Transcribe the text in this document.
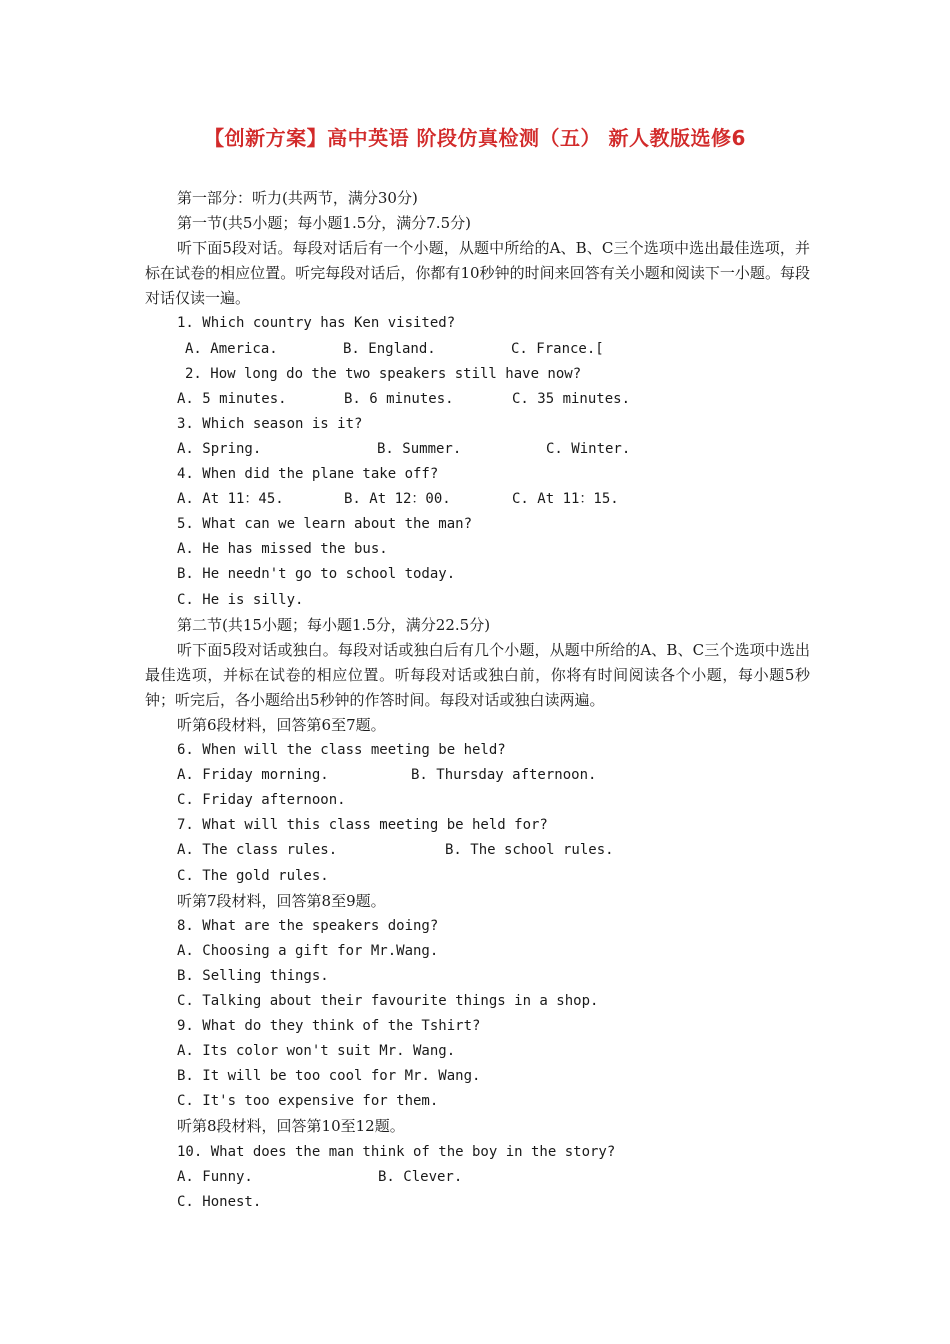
【创新方案】高中英语 阶段仿真检测（五） 新人教版选修6
第一部分：听力(共两节，满分30分)
第一节(共5小题；每小题1.5分，满分7.5分)
听下面5段对话。每段对话后有一个小题，从题中所给的A、B、C三个选项中选出最佳选项，并标在试卷的相应位置。听完每段对话后，你都有10秒钟的时间来回答有关小题和阅读下一小题。每段对话仅读一遍。
1. Which country has Ken visited?
A. America.	B. England.	C. France.[
2. How long do the two speakers still have now?
A. 5 minutes.	B. 6 minutes.	C. 35 minutes.
3. Which season is it?
A. Spring.	B. Summer.	C. Winter.
4. When did the plane take off?
A. At 11：45.	B. At 12：00.	C. At 11：15.
5. What can we learn about the man?
A. He has missed the bus.
B. He needn't go to school today.
C. He is silly.
第二节(共15小题；每小题1.5分，满分22.5分)
听下面5段对话或独白。每段对话或独白后有几个小题，从题中所给的A、B、C三个选项中选出最佳选项，并标在试卷的相应位置。听每段对话或独白前，你将有时间阅读各个小题，每小题5秒钟；听完后，各小题给出5秒钟的作答时间。每段对话或独白读两遍。
听第6段材料，回答第6至7题。
6. When will the class meeting be held?
A. Friday morning.	B. Thursday afternoon.
C. Friday afternoon.
7. What will this class meeting be held for?
A. The class rules.	B. The school rules.
C. The gold rules.
听第7段材料，回答第8至9题。
8. What are the speakers doing?
A. Choosing a gift for Mr.Wang.
B. Selling things.
C. Talking about their favourite things in a shop.
9. What do they think of the Tshirt?
A. Its color won't suit Mr. Wang.
B. It will be too cool for Mr. Wang.
C. It's too expensive for them.
听第8段材料，回答第10至12题。
10. What does the man think of the boy in the story?
A. Funny.	B. Clever.
C. Honest.
